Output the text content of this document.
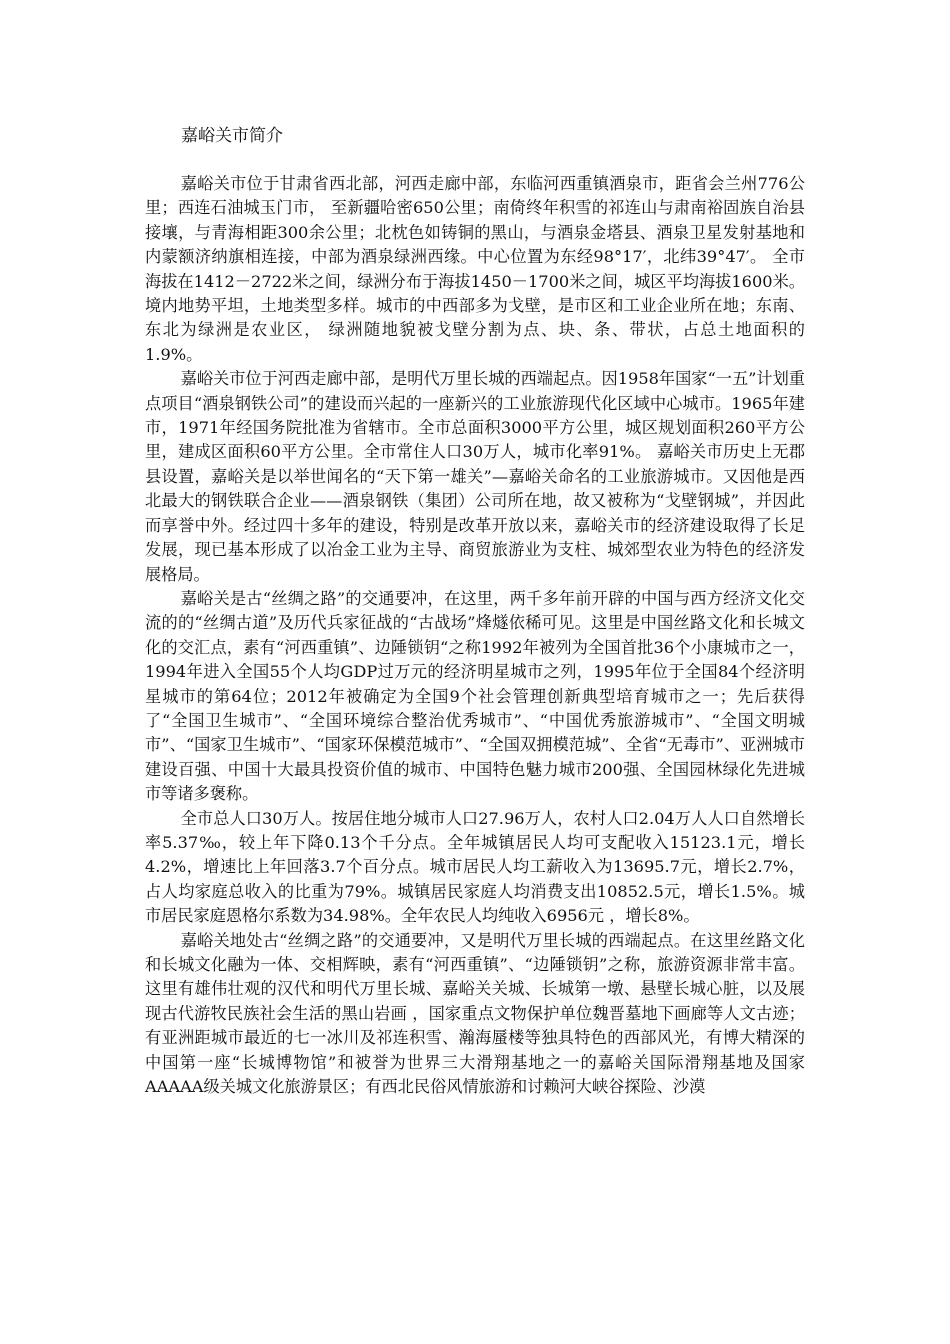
嘉峪关市简介

嘉峪关市位于甘肃省西北部，河西走廊中部，东临河西重镇酒泉市，距省会兰州776公里；西连石油城玉门市， 至新疆哈密650公里；南倚终年积雪的祁连山与肃南裕固族自治县接壤，与青海相距300余公里；北枕色如铸铜的黑山，与酒泉金塔县、酒泉卫星发射基地和内蒙额济纳旗相连接，中部为酒泉绿洲西缘。中心位置为东经98°17′，北纬39°47′。 全市海拔在1412－2722米之间，绿洲分布于海拔1450－1700米之间，城区平均海拔1600米。 境内地势平坦，土地类型多样。城市的中西部多为戈壁，是市区和工业企业所在地；东南、东北为绿洲是农业区， 绿洲随地貌被戈壁分割为点、块、条、带状，占总土地面积的1.9%。

嘉峪关市位于河西走廊中部，是明代万里长城的西端起点。因1958年国家“一五”计划重点项目“酒泉钢铁公司”的建设而兴起的一座新兴的工业旅游现代化区域中心城市。1965年建市，1971年经国务院批准为省辖市。全市总面积3000平方公里，城区规划面积260平方公里，建成区面积60平方公里。全市常住人口30万人，城市化率91%。 嘉峪关市历史上无郡县设置，嘉峪关是以举世闻名的“天下第一雄关”—嘉峪关命名的工业旅游城市。又因他是西北最大的钢铁联合企业——酒泉钢铁（集团）公司所在地，故又被称为“戈壁钢城”，并因此而享誉中外。经过四十多年的建设，特别是改革开放以来，嘉峪关市的经济建设取得了长足发展，现已基本形成了以冶金工业为主导、商贸旅游业为支柱、城郊型农业为特色的经济发展格局。

嘉峪关是古“丝绸之路”的交通要冲，在这里，两千多年前开辟的中国与西方经济文化交流的的“丝绸古道”及历代兵家征战的“古战场”烽燧依稀可见。这里是中国丝路文化和长城文化的交汇点，素有“河西重镇”、边陲锁钥“之称1992年被列为全国首批36个小康城市之一，1994年进入全国55个人均GDP过万元的经济明星城市之列，1995年位于全国84个经济明星城市的第64位；2012年被确定为全国9个社会管理创新典型培育城市之一；先后获得了“全国卫生城市”、“全国环境综合整治优秀城市”、“中国优秀旅游城市”、“全国文明城市”、“国家卫生城市”、“国家环保模范城市”、“全国双拥模范城”、全省“无毒市”、亚洲城市建设百强、中国十大最具投资价值的城市、中国特色魅力城市200强、全国园林绿化先进城市等诸多褒称。

全市总人口30万人。按居住地分城市人口27.96万人，农村人口2.04万人人口自然增长率5.37‰，较上年下降0.13个千分点。全年城镇居民人均可支配收入15123.1元，增长4.2%，增速比上年回落3.7个百分点。城市居民人均工薪收入为13695.7元，增长2.7%，占人均家庭总收入的比重为79%。城镇居民家庭人均消费支出10852.5元，增长1.5%。城市居民家庭恩格尔系数为34.98%。全年农民人均纯收入6956元 ，增长8%。

嘉峪关地处古“丝绸之路”的交通要冲，又是明代万里长城的西端起点。在这里丝路文化和长城文化融为一体、交相辉映，素有“河西重镇”、“边陲锁钥”之称，旅游资源非常丰富。 这里有雄伟壮观的汉代和明代万里长城、嘉峪关关城、长城第一墩、悬壁长城心脏，以及展现古代游牧民族社会生活的黑山岩画 ，国家重点文物保护单位魏晋墓地下画廊等人文古迹； 有亚洲距城市最近的七一冰川及祁连积雪、瀚海蜃楼等独具特色的西部风光，有博大精深的中国第一座“长城博物馆”和被誉为世界三大滑翔基地之一的嘉峪关国际滑翔基地及国家AAAAA级关城文化旅游景区；有西北民俗风情旅游和讨赖河大峡谷探险、沙漠
